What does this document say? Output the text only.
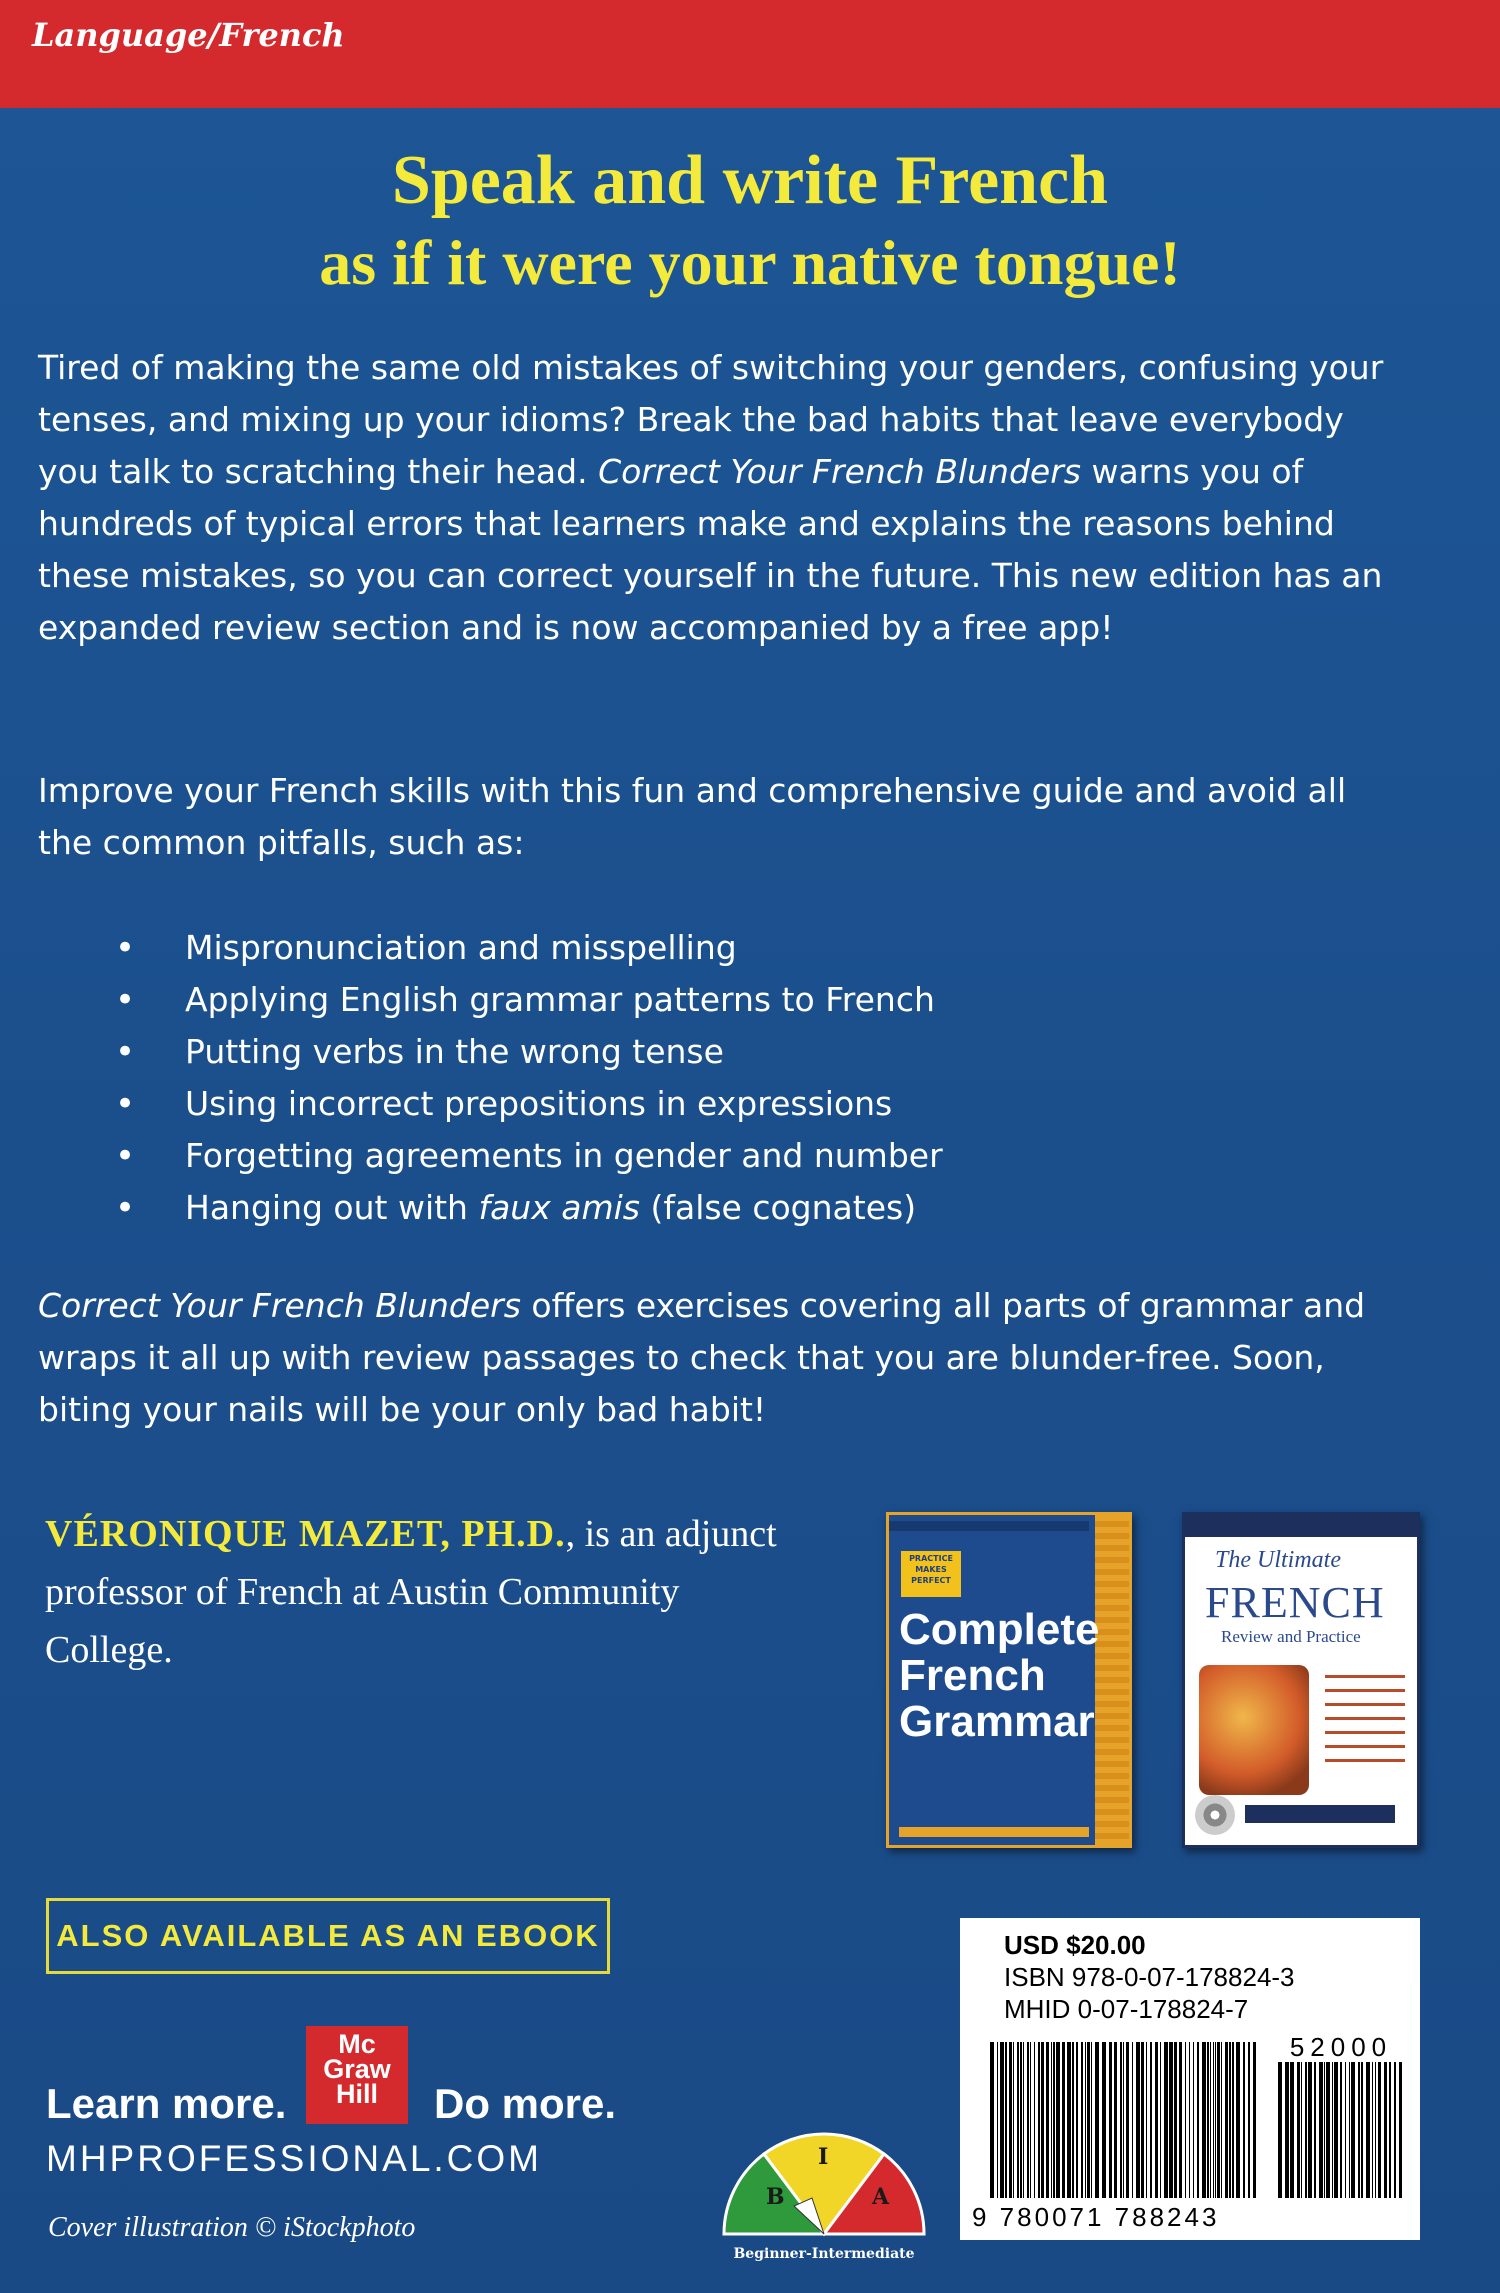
Language/French
Speak and write French
as if it were your native tongue!

Tired of making the same old mistakes of switching your genders, confusing your tenses, and mixing up your idioms? Break the bad habits that leave everybody you talk to scratching their head. Correct Your French Blunders warns you of hundreds of typical errors that learners make and explains the reasons behind these mistakes, so you can correct yourself in the future. This new edition has an expanded review section and is now accompanied by a free app!

Improve your French skills with this fun and comprehensive guide and avoid all the common pitfalls, such as:

• Mispronunciation and misspelling
• Applying English grammar patterns to French
• Putting verbs in the wrong tense
• Using incorrect prepositions in expressions
• Forgetting agreements in gender and number
• Hanging out with faux amis (false cognates)

Correct Your French Blunders offers exercises covering all parts of grammar and wraps it all up with review passages to check that you are blunder-free. Soon, biting your nails will be your only bad habit!

VÉRONIQUE MAZET, PH.D., is an adjunct professor of French at Austin Community College.

PRACTICE MAKES PERFECT
Complete
French
Grammar
The Ultimate
FRENCH
Review and Practice
ALSO AVAILABLE AS AN EBOOK
Mc
Graw
Hill
Learn more.	Do more.
MHPROFESSIONAL.COM
Cover illustration © iStockphoto
B
I
A
Beginner-Intermediate
USD $20.00
ISBN 978-0-07-178824-3
MHID 0-07-178824-7
52000
9 780071 788243
